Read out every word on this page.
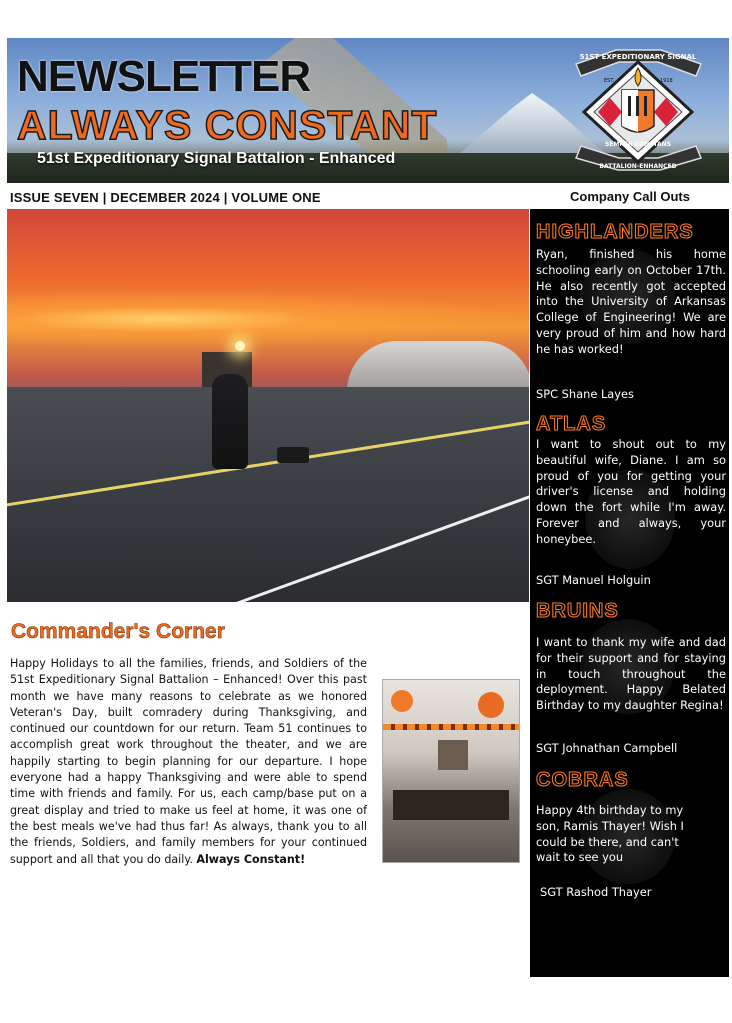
NEWSLETTER
ALWAYS CONSTANT
51st Expeditionary Signal Battalion - Enhanced
51ST EXPEDITIONARY SIGNAL
EST.	1918
SEMPER CONSTANS
BATTALION-ENHANCED
ISSUE SEVEN | DECEMBER 2024 | VOLUME ONE	Company Call Outs
Commander's Corner
Happy Holidays to all the families, friends, and Soldiers of the 51st Expeditionary Signal Battalion – Enhanced! Over this past month we have many reasons to celebrate as we honored Veteran's Day, built comradery during Thanksgiving, and continued our countdown for our return. Team 51 continues to accomplish great work throughout the theater, and we are happily starting to begin planning for our departure. I hope everyone had a happy Thanksgiving and were able to spend time with friends and family. For us, each camp/base put on a great display and tried to make us feel at home, it was one of the best meals we've had thus far! As always, thank you to all the friends, Soldiers, and family members for your continued support and all that you do daily. Always Constant!
HIGHLANDERS
Ryan, finished his home schooling early on October 17th. He also recently got accepted into the University of Arkansas College of Engineering! We are very proud of him and how hard he has worked!
SPC Shane Layes
ATLAS
I want to shout out to my beautiful wife, Diane. I am so proud of you for getting your driver's license and holding down the fort while I'm away. Forever and always, your honeybee.
SGT Manuel Holguin
BRUINS
I want to thank my wife and dad for their support and for staying in touch throughout the deployment. Happy Belated Birthday to my daughter Regina!
SGT Johnathan Campbell
COBRAS
Happy 4th birthday to my son, Ramis Thayer! Wish I could be there, and can't wait to see you
SGT Rashod Thayer
